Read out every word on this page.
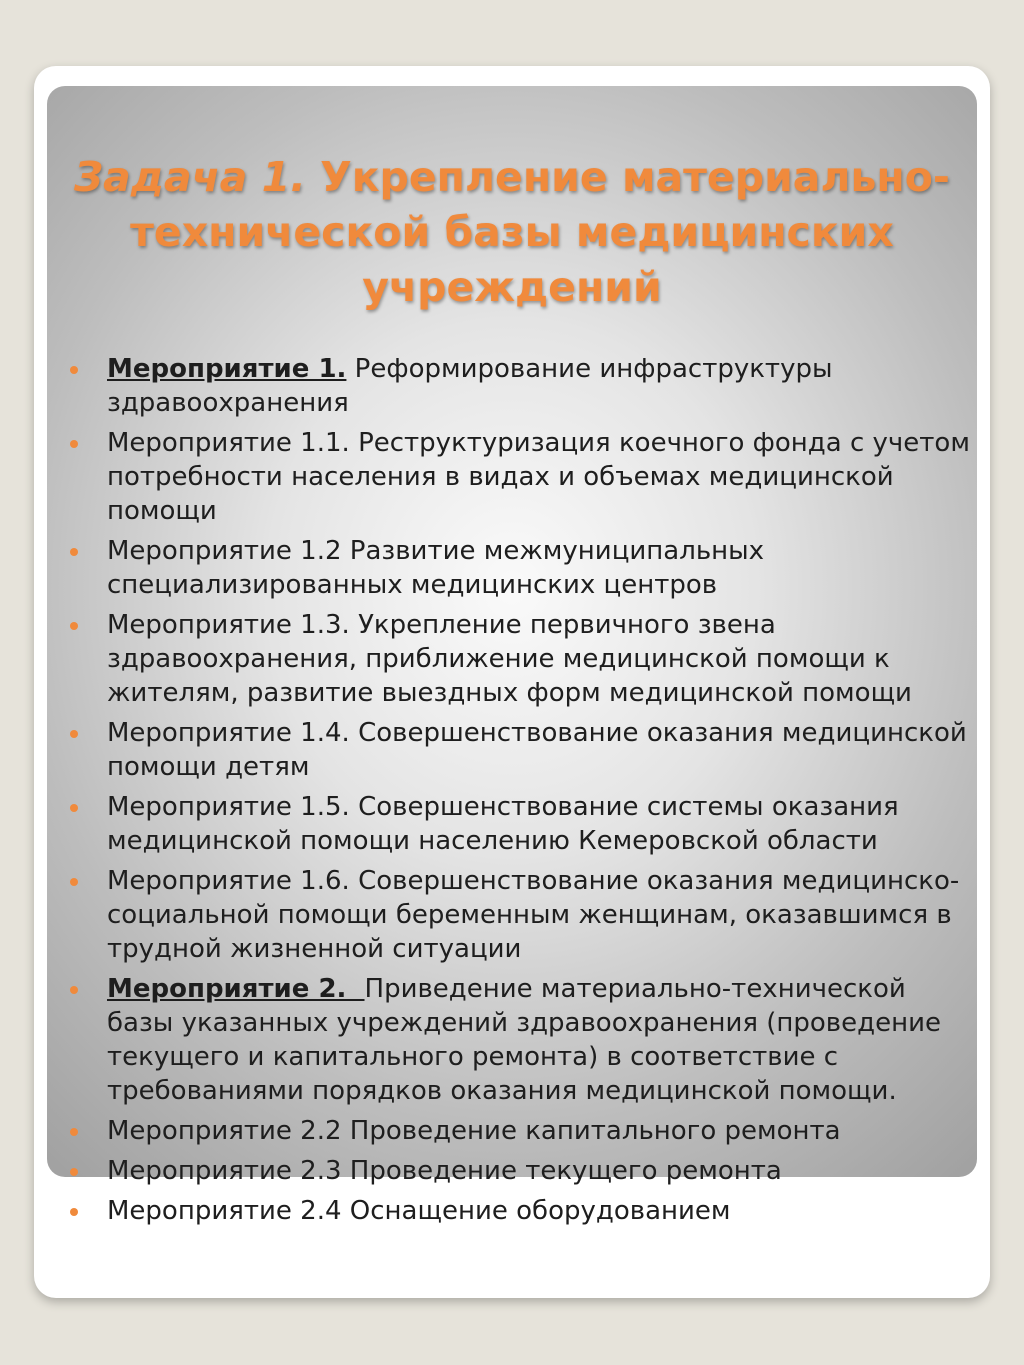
Задача 1. Укрепление материально-технической базы медицинских учреждений
Мероприятие 1. Реформирование инфраструктуры здравоохранения
Мероприятие 1.1. Реструктуризация коечного фонда с учетом потребности населения в видах и объемах медицинской помощи
Мероприятие 1.2 Развитие межмуниципальных специализированных медицинских центров
Мероприятие 1.3. Укрепление первичного звена здравоохранения, приближение медицинской помощи к жителям, развитие выездных форм медицинской помощи
Мероприятие 1.4. Совершенствование оказания медицинской помощи детям
Мероприятие 1.5. Совершенствование системы оказания медицинской помощи населению Кемеровской области
Мероприятие 1.6. Совершенствование оказания медицинско-социальной помощи беременным женщинам, оказавшимся в трудной жизненной ситуации
Мероприятие 2.  Приведение материально-технической базы указанных учреждений здравоохранения (проведение текущего и капитального ремонта) в соответствие с требованиями порядков оказания медицинской помощи.
Мероприятие 2.2 Проведение капитального ремонта
Мероприятие 2.3 Проведение текущего ремонта
Мероприятие 2.4 Оснащение оборудованием
